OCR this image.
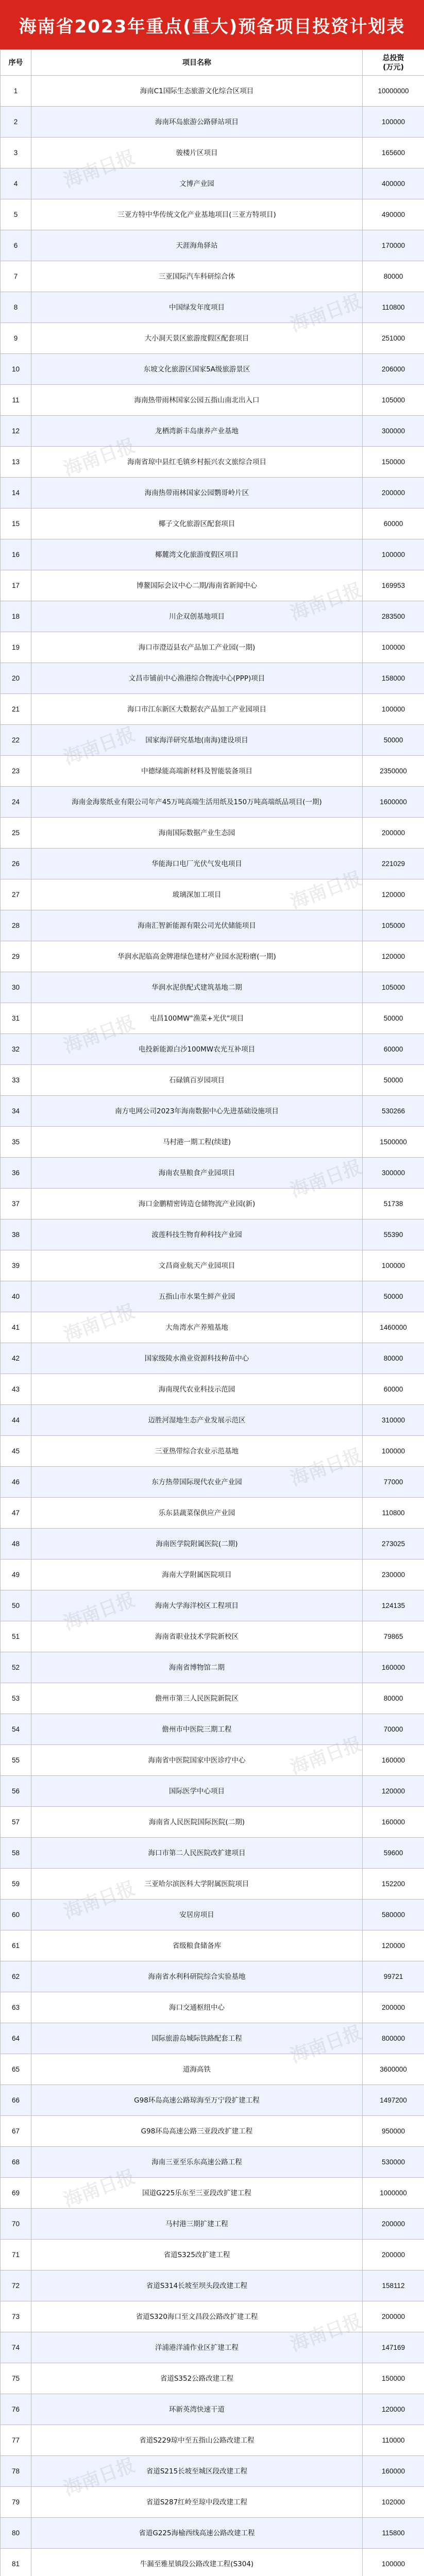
海南省2023年重点(重大)预备项目投资计划表
序号	项目名称	总投资
(万元)
1	海南C1国际生态旅游文化综合区项目	10000000
2	海南环岛旅游公路驿站项目	100000
3	骏楼片区项目	165600
4	文博产业园	400000
5	三亚方特中华传统文化产业基地项目(三亚方特项目)	490000
6	天涯海角驿站	170000
7	三亚国际汽车科研综合体	80000
8	中国绿发年度项目	110800
9	大小洞天景区旅游度假区配套项目	251000
10	东坡文化旅游区国家5A级旅游景区	206000
11	海南热带雨林国家公园五指山南北出入口	105000
12	龙栖湾新丰岛康养产业基地	300000
13	海南省琼中县红毛镇乡村振兴农文旅综合项目	150000
14	海南热带雨林国家公园鹦哥岭片区	200000
15	椰子文化旅游区配套项目	60000
16	椰麓湾文化旅游度假区项目	100000
17	博鳌国际会议中心二期/海南省新闻中心	169953
18	川企双创基地项目	283500
19	海口市澄迈县农产品加工产业园(一期)	100000
20	文昌市铺前中心渔港综合物流中心(PPP)项目	158000
21	海口市江东新区大数据农产品加工产业园项目	100000
22	国家海洋研究基地(南海)建设项目	50000
23	中德绿能高端新材料及智能装备项目	2350000
24	海南金海浆纸业有限公司年产45万吨高端生活用纸及150万吨高端纸品项目(一期)	1600000
25	海南国际数据产业生态园	200000
26	华能海口电厂光伏气发电项目	221029
27	玻璃深加工项目	120000
28	海南汇智新能源有限公司光伏储能项目	105000
29	华润水泥临高金牌港绿色建材产业园水泥粉磨(一期)	120000
30	华润水泥供配式建筑基地二期	105000
31	屯昌100MW"渔菜+光伏"项目	50000
32	电投新能源白沙100MW农光互补项目	60000
33	石碌镇百岁园项目	50000
34	南方电网公司2023年海南数据中心先进基础设施项目	530266
35	马村港一期工程(续建)	1500000
36	海南农垦粮食产业园项目	300000
37	海口金鹏精密铸造仓储物流产业园(新)	51738
38	波莲科技生物育种科技产业园	55390
39	文昌商业航天产业园项目	100000
40	五指山市水果生鲜产业园	50000
41	大角湾水产养殖基地	1460000
42	国家级陵水渔业资源科技种苗中心	80000
43	海南现代农业科技示范园	60000
44	迈胜河湿地生态产业发展示范区	310000
45	三亚热带综合农业示范基地	100000
46	东方热带国际现代农业产业园	77000
47	乐东县蔬菜保供应产业园	110800
48	海南医学院附属医院(二期)	273025
49	海南大学附属医院项目	230000
50	海南大学海洋校区工程项目	124135
51	海南省职业技术学院新校区	79865
52	海南省博物馆二期	160000
53	儋州市第三人民医院新院区	80000
54	儋州市中医院三期工程	70000
55	海南省中医院国家中医诊疗中心	160000
56	国际医学中心项目	120000
57	海南省人民医院国际医院(二期)	160000
58	海口市第二人民医院改扩建项目	59600
59	三亚哈尔滨医科大学附属医院项目	152200
60	安居房项目	580000
61	省级粮食储备库	120000
62	海南省水利科研院综合实验基地	99721
63	海口交通枢纽中心	200000
64	国际旅游岛城际铁路配套工程	800000
65	道海高铁	3600000
66	G98环岛高速公路琼海至万宁段扩建工程	1497200
67	G98环岛高速公路三亚段改扩建工程	950000
68	海南三亚至乐东高速公路工程	530000
69	国道G225乐东至三亚段改扩建工程	1000000
70	马村港三期扩建工程	200000
71	省道S325改扩建工程	200000
72	省道S314长坡至坝头段改建工程	158112
73	省道S320海口至文昌段公路改扩建工程	200000
74	洋浦港洋浦作业区扩建工程	147169
75	省道S352公路改建工程	150000
76	环新英湾快速干道	120000
77	省道S229琼中至五指山公路改建工程	110000
78	省道S215长坡至城区段改建工程	160000
79	省道S287红岭至琼中段改建工程	102000
80	省道G225海榆西线高速公路改建工程	115800
81	牛漏至雅星镇段公路改建工程(S304)	100000
